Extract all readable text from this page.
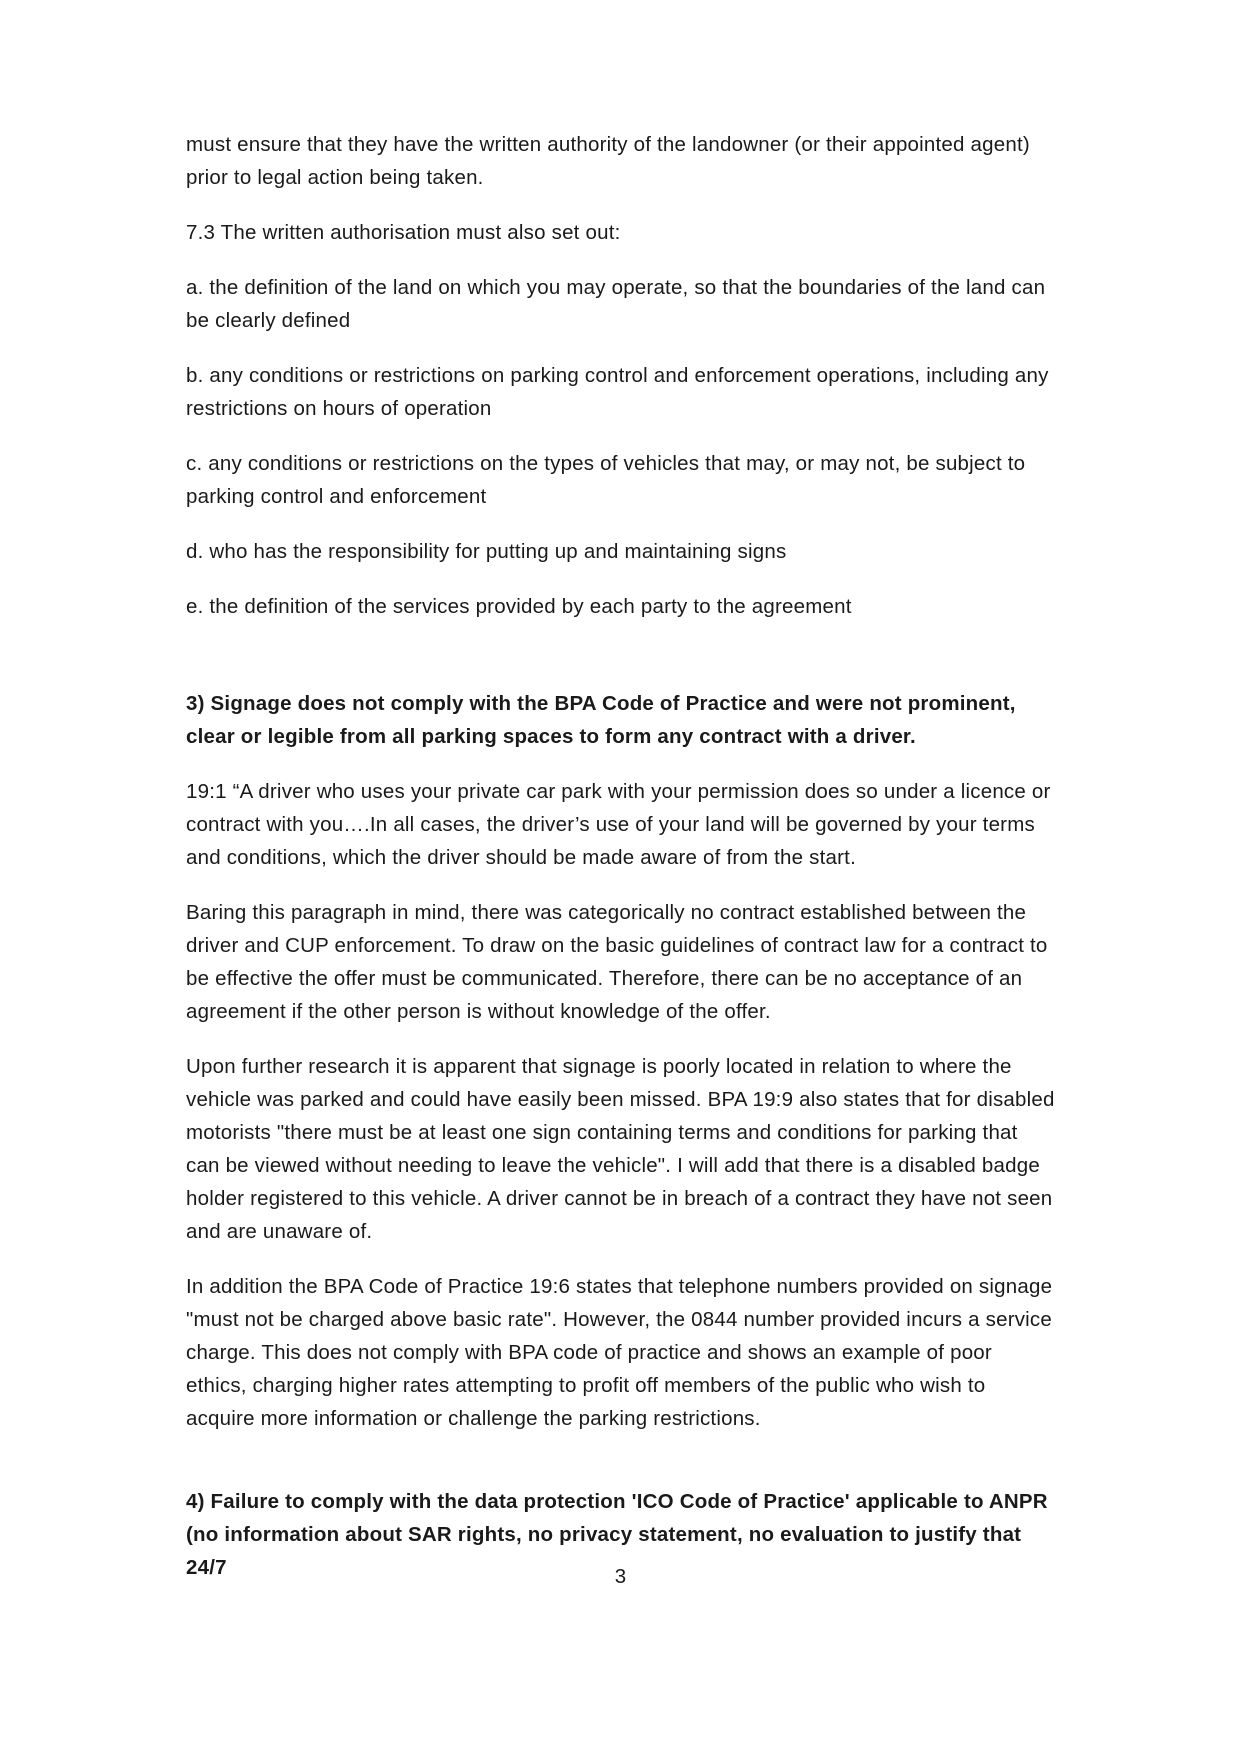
must ensure that they have the written authority of the landowner (or their appointed agent) prior to legal action being taken.

7.3 The written authorisation must also set out:

a. the definition of the land on which you may operate, so that the boundaries of the land can be clearly defined

b. any conditions or restrictions on parking control and enforcement operations, including any restrictions on hours of operation

c. any conditions or restrictions on the types of vehicles that may, or may not, be subject to parking control and enforcement

d. who has the responsibility for putting up and maintaining signs

e. the definition of the services provided by each party to the agreement

3) Signage does not comply with the BPA Code of Practice and were not prominent, clear or legible from all parking spaces to form any contract with a driver.

19:1 “A driver who uses your private car park with your permission does so under a licence or contract with you….In all cases, the driver’s use of your land will be governed by your terms and conditions, which the driver should be made aware of from the start.

Baring this paragraph in mind, there was categorically no contract established between the driver and CUP enforcement. To draw on the basic guidelines of contract law for a contract to be effective the offer must be communicated. Therefore, there can be no acceptance of an agreement if the other person is without knowledge of the offer.

Upon further research it is apparent that signage is poorly located in relation to where the vehicle was parked and could have easily been missed. BPA 19:9 also states that for disabled motorists "there must be at least one sign containing terms and conditions for parking that can be viewed without needing to leave the vehicle". I will add that there is a disabled badge holder registered to this vehicle. A driver cannot be in breach of a contract they have not seen and are unaware of.

In addition the BPA Code of Practice 19:6 states that telephone numbers provided on signage "must not be charged above basic rate". However, the 0844 number provided incurs a service charge. This does not comply with BPA code of practice and shows an example of poor ethics, charging higher rates attempting to profit off members of the public who wish to acquire more information or challenge the parking restrictions.

4) Failure to comply with the data protection 'ICO Code of Practice' applicable to ANPR (no information about SAR rights, no privacy statement, no evaluation to justify that 24/7	3
